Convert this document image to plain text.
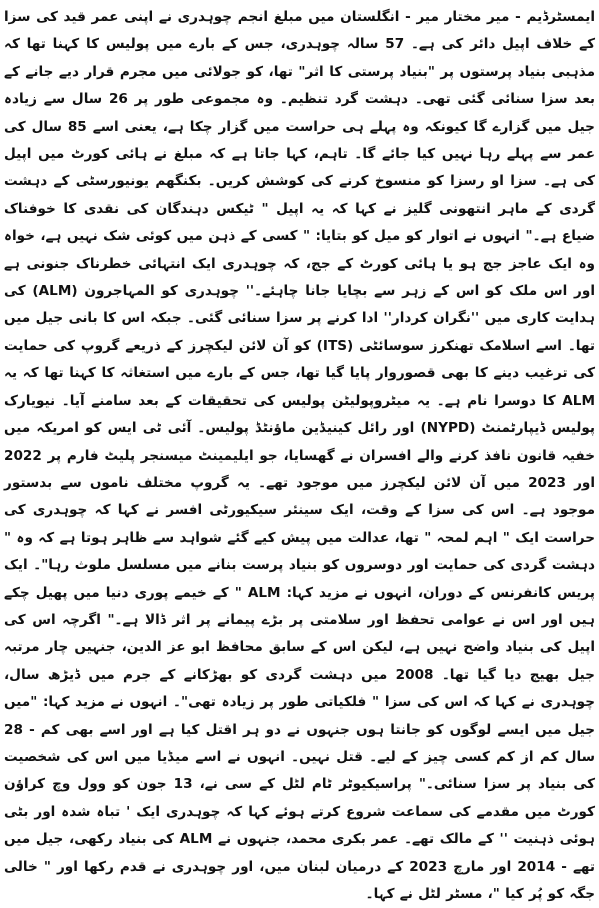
ایمسٹرڈیم - میر مختار میر - انگلستان میں مبلغ انجم چوہدری نے اپنی عمر قید کی سزا کے خلاف اپیل دائر کی ہے۔ 57 سالہ چوہدری، جس کے بارے میں پولیس کا کہنا تھا کہ مذہبی بنیاد پرستوں پر "بنیاد پرستی کا اثر" تھا، کو جولائی میں مجرم قرار دیے جانے کے بعد سزا سنائی گئی تھی۔ دہشت گرد تنظیم۔ وہ مجموعی طور پر 26 سال سے زیادہ جیل میں گزارے گا کیونکہ وہ پہلے ہی حراست میں گزار چکا ہے، یعنی اسے 85 سال کی عمر سے پہلے رہا نہیں کیا جائے گا۔ تاہم، کہا جاتا ہے کہ مبلغ نے ہائی کورٹ میں اپیل کی ہے۔ سزا او رسزا کو منسوخ کرنے کی کوشش کریں۔ بکنگھم یونیورسٹی کے دہشت گردی کے ماہر انتھونی گلیز نے کہا کہ یہ اپیل " ٹیکس دہندگان کی نقدی کا خوفناک ضیاع ہے۔" انہوں نے اتوار کو میل کو بتایا: " کسی کے ذہن میں کوئی شک نہیں ہے، خواہ وہ ایک عاجز جج ہو یا ہائی کورٹ کے جج، کہ چوہدری ایک انتہائی خطرناک جنونی ہے اور اس ملک کو اس کے زہر سے بچایا جانا چاہئے۔'' چوہدری کو المہاجرون (ALM) کی ہدایت کاری میں ''نگران کردار'' ادا کرنے پر سزا سنائی گئی۔ جبکہ اس کا بانی جیل میں تھا۔ اسے اسلامک تھنکرز سوسائٹی (ITS) کو آن لائن لیکچرز کے ذریعے گروپ کی حمایت کی ترغیب دینے کا بھی قصوروار پایا گیا تھا، جس کے بارے میں استغاثہ کا کہنا تھا کہ یہ ALM کا دوسرا نام ہے۔ یہ میٹروپولیٹن پولیس کی تحقیقات کے بعد سامنے آیا۔ نیویارک پولیس ڈیپارٹمنٹ (NYPD) اور رائل کینیڈین ماؤنٹڈ پولیس۔ آئی ٹی ایس کو امریکہ میں خفیہ قانون نافذ کرنے والے افسران نے گھسایا، جو ایلیمینٹ میسنجر پلیٹ فارم پر 2022 اور 2023 میں آن لائن لیکچرز میں موجود تھے۔ یہ گروپ مختلف ناموں سے بدستور موجود ہے۔ اس کی سزا کے وقت، ایک سینئر سیکیورٹی افسر نے کہا کہ چوہدری کی حراست ایک " اہم لمحہ " تھا، عدالت میں پیش کیے گئے شواہد سے ظاہر ہوتا ہے کہ وہ " دہشت گردی کی حمایت اور دوسروں کو بنیاد پرست بنانے میں مسلسل ملوث رہا"۔ ایک پریس کانفرنس کے دوران، انہوں نے مزید کہا: ALM " کے خیمے پوری دنیا میں پھیل چکے ہیں اور اس نے عوامی تحفظ اور سلامتی پر بڑے پیمانے پر اثر ڈالا ہے۔" اگرچہ اس کی اپیل کی بنیاد واضح نہیں ہے، لیکن اس کے سابق محافظ ابو عز الدین، جنہیں چار مرتبہ جیل بھیج دیا گیا تھا۔ 2008 میں دہشت گردی کو بھڑکانے کے جرم میں ڈیڑھ سال، چوہدری نے کہا کہ اس کی سزا " فلکیاتی طور پر زیادہ تھی"۔ انہوں نے مزید کہا: "میں جیل میں ایسے لوگوں کو جانتا ہوں جنہوں نے دو ہر اقتل کیا ہے اور اسے بھی کم - 28 سال کم از کم کسی چیز کے لیے۔ قتل نہیں۔ انہوں نے اسے میڈیا میں اس کی شخصیت کی بنیاد پر سزا سنائی۔" پراسیکیوٹر ٹام لٹل کے سی نے، 13 جون کو وول وچ کراؤن کورٹ میں مقدمے کی سماعت شروع کرتے ہوئے کہا کہ چوہدری ایک ' تباہ شدہ اور بٹی ہوئی ذہنیت '' کے مالک تھے۔ عمر بکری محمد، جنہوں نے ALM کی بنیاد رکھی، جیل میں تھے - 2014 اور مارچ 2023 کے درمیان لبنان میں، اور چوہدری نے قدم رکھا اور " خالی جگہ کو پُر کیا "، مسٹر لٹل نے کہا۔
